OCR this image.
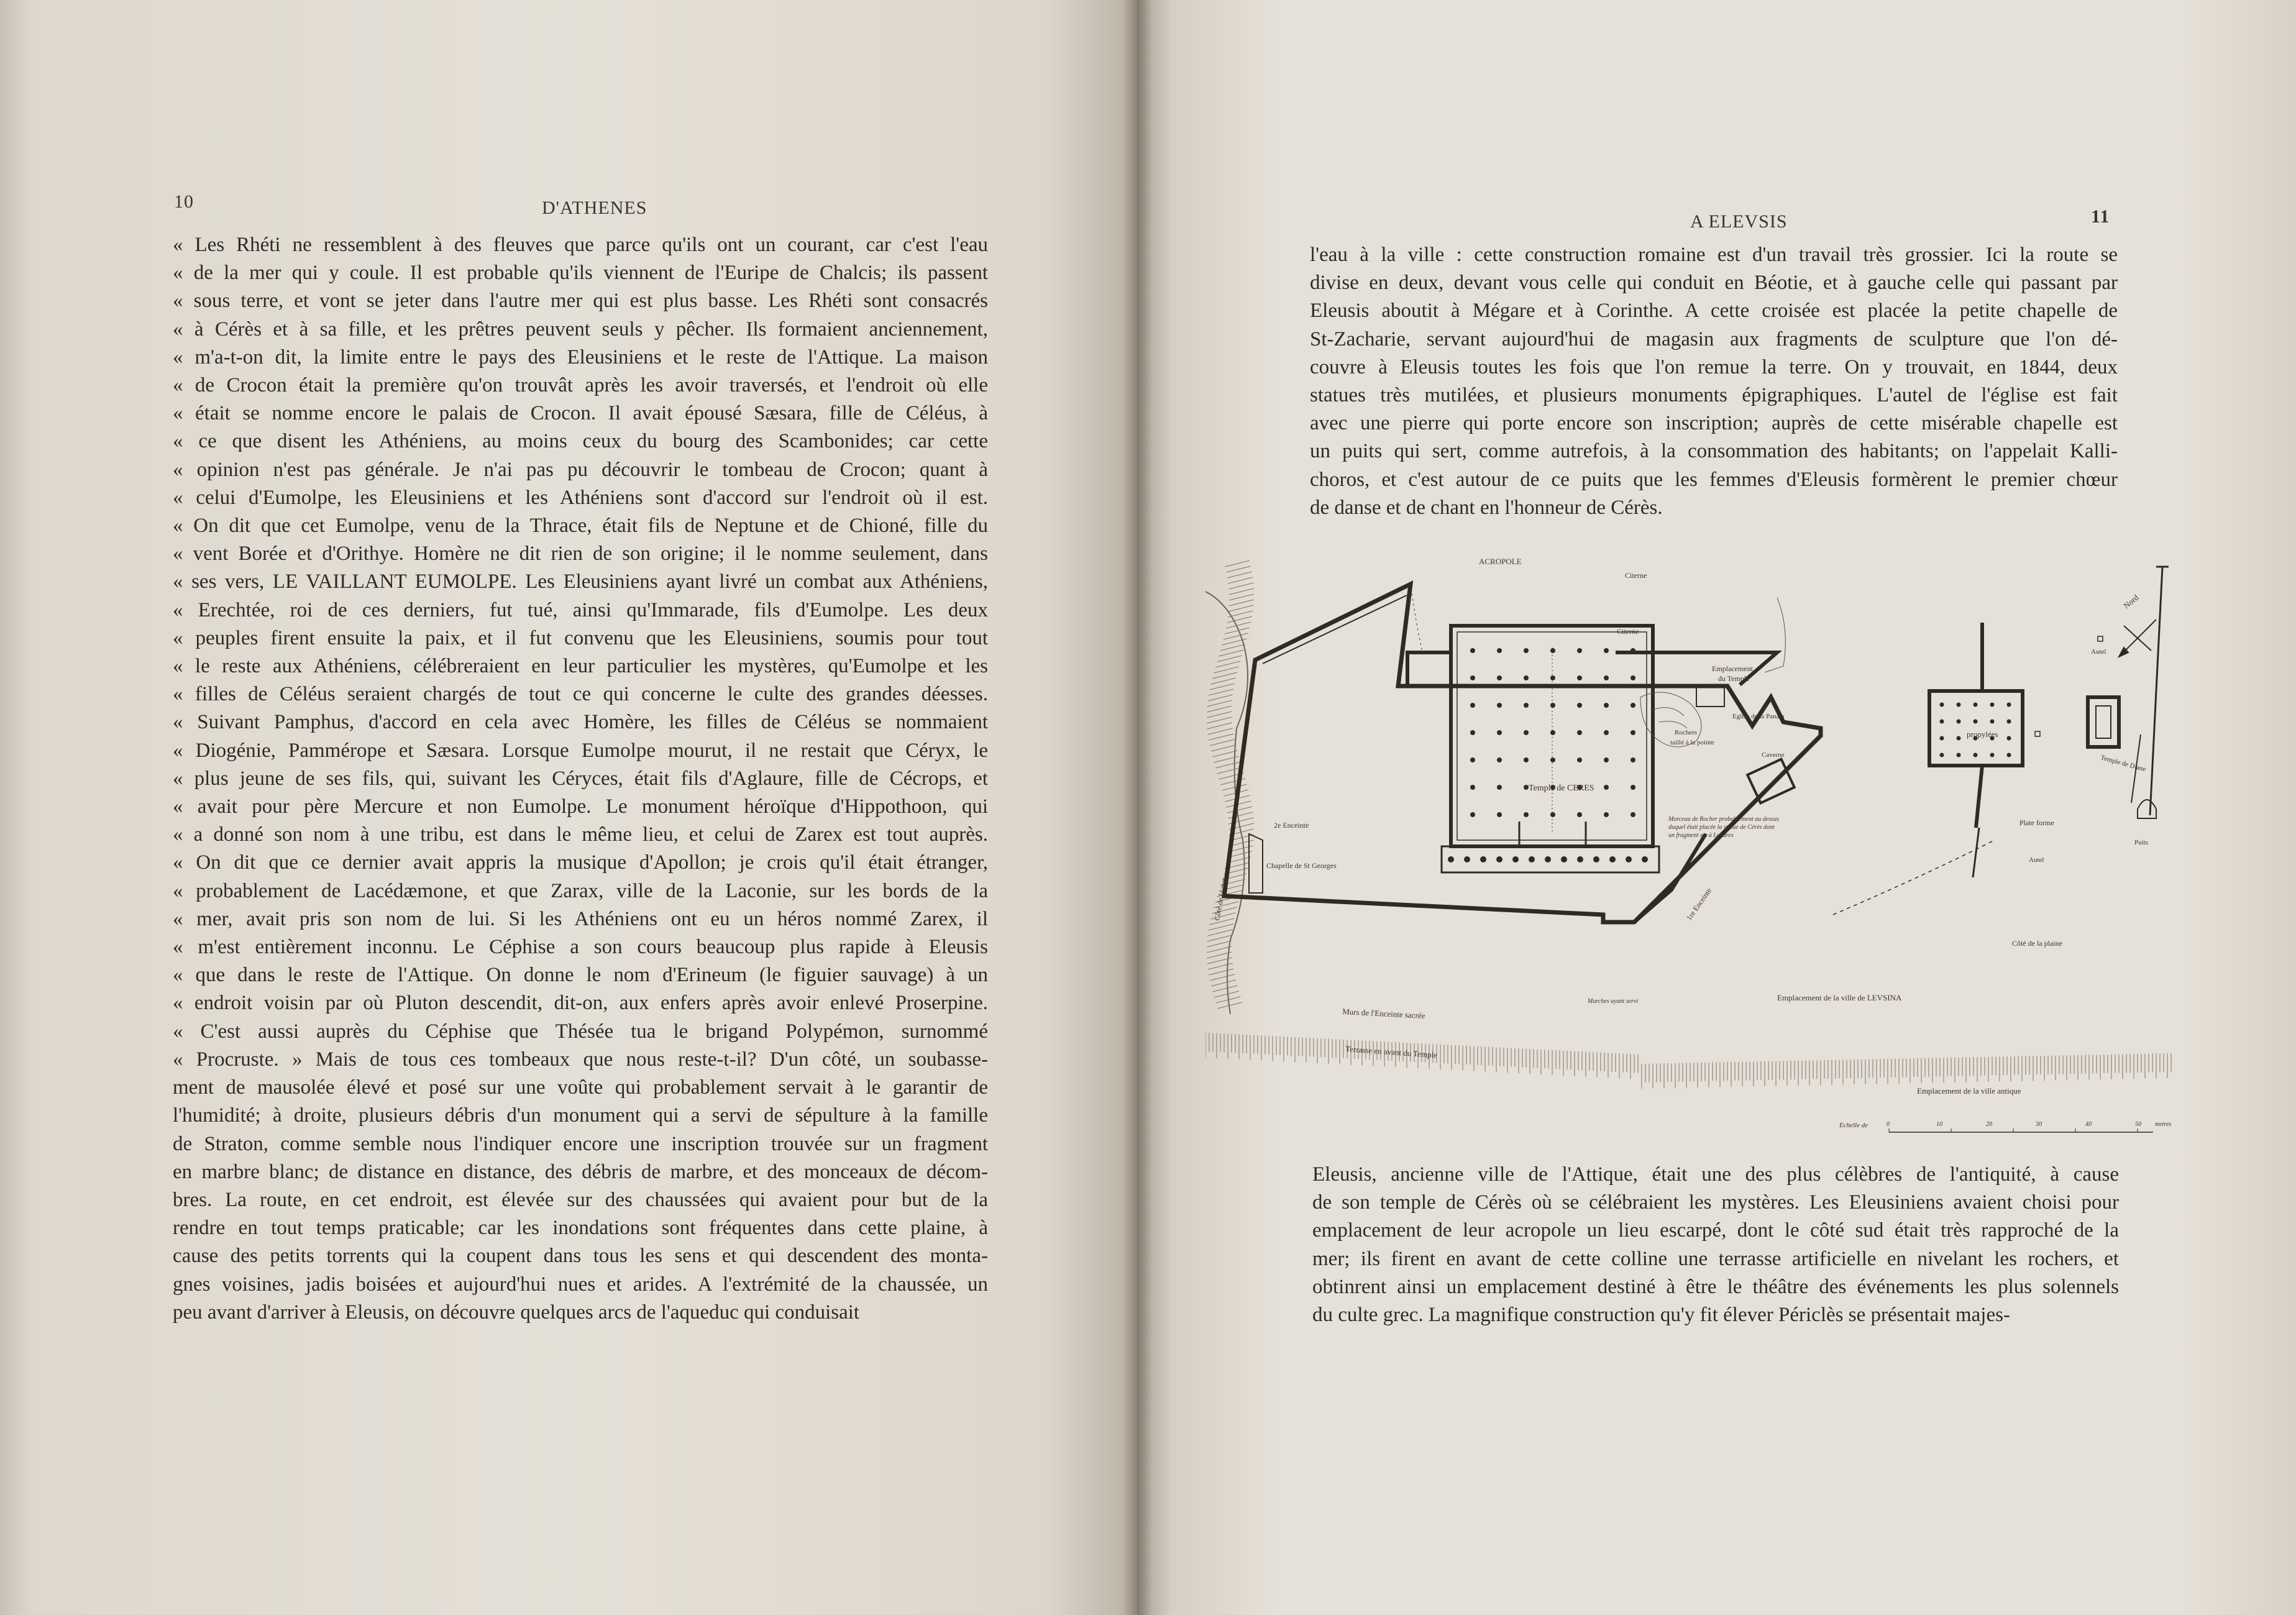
10	D'ATHENES
« Les Rhéti ne ressemblent à des fleuves que parce qu'ils ont un courant, car c'est l'eau
« de la mer qui y coule. Il est probable qu'ils viennent de l'Euripe de Chalcis; ils passent
« sous terre, et vont se jeter dans l'autre mer qui est plus basse. Les Rhéti sont consacrés
« à Cérès et à sa fille, et les prêtres peuvent seuls y pêcher. Ils formaient anciennement,
« m'a-t-on dit, la limite entre le pays des Eleusiniens et le reste de l'Attique. La maison
« de Crocon était la première qu'on trouvât après les avoir traversés, et l'endroit où elle
« était se nomme encore le palais de Crocon. Il avait épousé Sæsara, fille de Céléus, à
« ce que disent les Athéniens, au moins ceux du bourg des Scambonides; car cette
« opinion n'est pas générale. Je n'ai pas pu découvrir le tombeau de Crocon; quant à
« celui d'Eumolpe, les Eleusiniens et les Athéniens sont d'accord sur l'endroit où il est.
« On dit que cet Eumolpe, venu de la Thrace, était fils de Neptune et de Chioné, fille du
« vent Borée et d'Orithye. Homère ne dit rien de son origine; il le nomme seulement, dans
« ses vers, LE VAILLANT EUMOLPE. Les Eleusiniens ayant livré un combat aux Athéniens,
« Erechtée, roi de ces derniers, fut tué, ainsi qu'Immarade, fils d'Eumolpe. Les deux
« peuples firent ensuite la paix, et il fut convenu que les Eleusiniens, soumis pour tout
« le reste aux Athéniens, célébreraient en leur particulier les mystères, qu'Eumolpe et les
« filles de Céléus seraient chargés de tout ce qui concerne le culte des grandes déesses.
« Suivant Pamphus, d'accord en cela avec Homère, les filles de Céléus se nommaient
« Diogénie, Pammérope et Sæsara. Lorsque Eumolpe mourut, il ne restait que Céryx, le
« plus jeune de ses fils, qui, suivant les Céryces, était fils d'Aglaure, fille de Cécrops, et
« avait pour père Mercure et non Eumolpe. Le monument héroïque d'Hippothoon, qui
« a donné son nom à une tribu, est dans le même lieu, et celui de Zarex est tout auprès.
« On dit que ce dernier avait appris la musique d'Apollon; je crois qu'il était étranger,
« probablement de Lacédæmone, et que Zarax, ville de la Laconie, sur les bords de la
« mer, avait pris son nom de lui. Si les Athéniens ont eu un héros nommé Zarex, il
« m'est entièrement inconnu. Le Céphise a son cours beaucoup plus rapide à Eleusis
« que dans le reste de l'Attique. On donne le nom d'Erineum (le figuier sauvage) à un
« endroit voisin par où Pluton descendit, dit-on, aux enfers après avoir enlevé Proserpine.
« C'est aussi auprès du Céphise que Thésée tua le brigand Polypémon, surnommé
« Procruste. » Mais de tous ces tombeaux que nous reste-t-il? D'un côté, un soubasse-
ment de mausolée élevé et posé sur une voûte qui probablement servait à le garantir de
l'humidité; à droite, plusieurs débris d'un monument qui a servi de sépulture à la famille
de Straton, comme semble nous l'indiquer encore une inscription trouvée sur un fragment
en marbre blanc; de distance en distance, des débris de marbre, et des monceaux de décom-
bres. La route, en cet endroit, est élevée sur des chaussées qui avaient pour but de la
rendre en tout temps praticable; car les inondations sont fréquentes dans cette plaine, à
cause des petits torrents qui la coupent dans tous les sens et qui descendent des monta-
gnes voisines, jadis boisées et aujourd'hui nues et arides. A l'extrémité de la chaussée, un
peu avant d'arriver à Eleusis, on découvre quelques arcs de l'aqueduc qui conduisait
A ELEVSIS	11
l'eau à la ville : cette construction romaine est d'un travail très grossier. Ici la route se
divise en deux, devant vous celle qui conduit en Béotie, et à gauche celle qui passant par
Eleusis aboutit à Mégare et à Corinthe. A cette croisée est placée la petite chapelle de
St-Zacharie, servant aujourd'hui de magasin aux fragments de sculpture que l'on dé-
couvre à Eleusis toutes les fois que l'on remue la terre. On y trouvait, en 1844, deux
statues très mutilées, et plusieurs monuments épigraphiques. L'autel de l'église est fait
avec une pierre qui porte encore son inscription; auprès de cette misérable chapelle est
un puits qui sert, comme autrefois, à la consommation des habitants; on l'appelait Kalli-
choros, et c'est autour de ce puits que les femmes d'Eleusis formèrent le premier chœur
de danse et de chant en l'honneur de Cérès.
Eleusis, ancienne ville de l'Attique, était une des plus célèbres de l'antiquité, à cause
de son temple de Cérès où se célébraient les mystères. Les Eleusiniens avaient choisi pour
emplacement de leur acropole un lieu escarpé, dont le côté sud était très rapproché de la
mer; ils firent en avant de cette colline une terrasse artificielle en nivelant les rochers, et
obtinrent ainsi un emplacement destiné à être le théâtre des événements les plus solennels
du culte grec. La magnifique construction qu'y fit élever Périclès se présentait majes-
ACROPOLE
Citerne
Citerne
Emplacement
du Temple
Eglise de la Panaia
Rochers
taillé à la pointe
Caverne
Temple de CERES
Morceau de Rocher probablement au dessus duquel était placée la statue de Cérès dont un fragment est à Londres
2e Enceinte
1re Enceinte
Chapelle de St Georges
Murs de l'Enceinte sacrée
Terrasse en avant du Temple
Côté de la mer
Marches ayant servi
propylées
Temple de Diane
Autel
Autel
Plate forme
Puits
Nord
Côté de la plaine
Emplacement de la ville de LEVSINA
Emplacement de la ville antique
Echelle de	0	10	20	30	40	50 metres
